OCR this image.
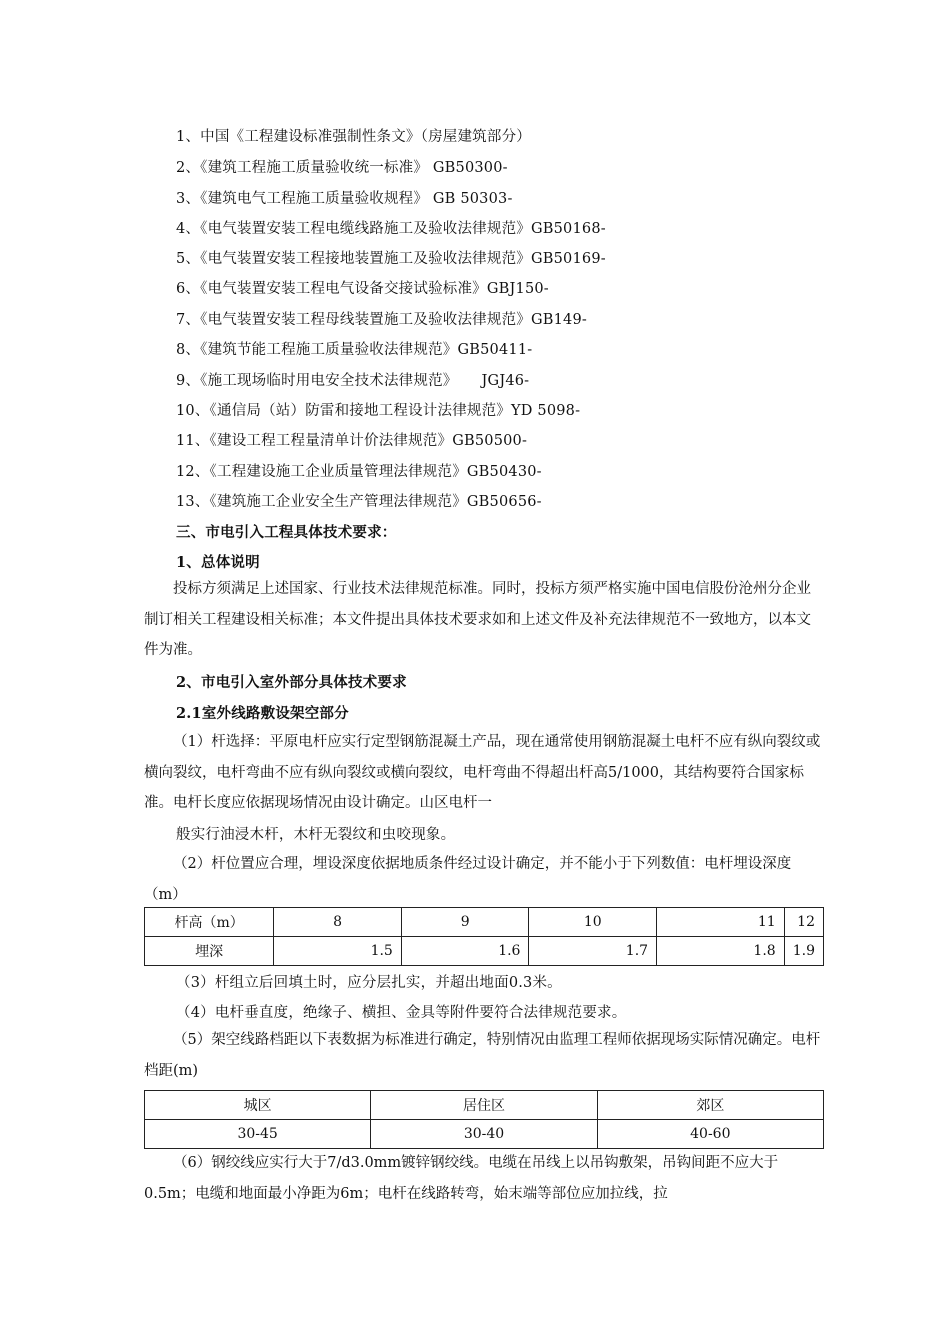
1、中国《工程建设标准强制性条文》（房屋建筑部分）
2、《建筑工程施工质量验收统一标准》 GB50300-
3、《建筑电气工程施工质量验收规程》 GB 50303-
4、《电气装置安装工程电缆线路施工及验收法律规范》GB50168-
5、《电气装置安装工程接地装置施工及验收法律规范》GB50169-
6、《电气装置安装工程电气设备交接试验标准》GBJ150-
7、《电气装置安装工程母线装置施工及验收法律规范》GB149-
8、《建筑节能工程施工质量验收法律规范》GB50411-
9、《施工现场临时用电安全技术法律规范》     JGJ46-
10、《通信局（站）防雷和接地工程设计法律规范》YD 5098-
11、《建设工程工程量清单计价法律规范》GB50500-
12、《工程建设施工企业质量管理法律规范》GB50430-
13、《建筑施工企业安全生产管理法律规范》GB50656-
三、市电引入工程具体技术要求：
1、总体说明
投标方须满足上述国家、行业技术法律规范标准。同时，投标方须严格实施中国电信股份沧州分企业制订相关工程建设相关标准；本文件提出具体技术要求如和上述文件及补充法律规范不一致地方，以本文件为准。
2、市电引入室外部分具体技术要求
2.1室外线路敷设架空部分
（1）杆选择：平原电杆应实行定型钢筋混凝土产品，现在通常使用钢筋混凝土电杆不应有纵向裂纹或横向裂纹，电杆弯曲不应有纵向裂纹或横向裂纹，电杆弯曲不得超出杆高5/1000，其结构要符合国家标准。电杆长度应依据现场情况由设计确定。山区电杆一
般实行油浸木杆，木杆无裂纹和虫咬现象。
（2）杆位置应合理，埋设深度依据地质条件经过设计确定，并不能小于下列数值：电杆埋设深度（m）
杆高（m）	8	9	10	11	12
埋深	1.5	1.6	1.7	1.8	1.9
（3）杆组立后回填土时，应分层扎实，并超出地面0.3米。
（4）电杆垂直度，绝缘子、横担、金具等附件要符合法律规范要求。
（5）架空线路档距以下表数据为标准进行确定，特别情况由监理工程师依据现场实际情况确定。电杆档距(m)
城区	居住区	郊区
30-45	30-40	40-60
（6）钢绞线应实行大于7/d3.0mm镀锌钢绞线。电缆在吊线上以吊钩敷架，吊钩间距不应大于0.5m；电缆和地面最小净距为6m；电杆在线路转弯，始末端等部位应加拉线，拉
